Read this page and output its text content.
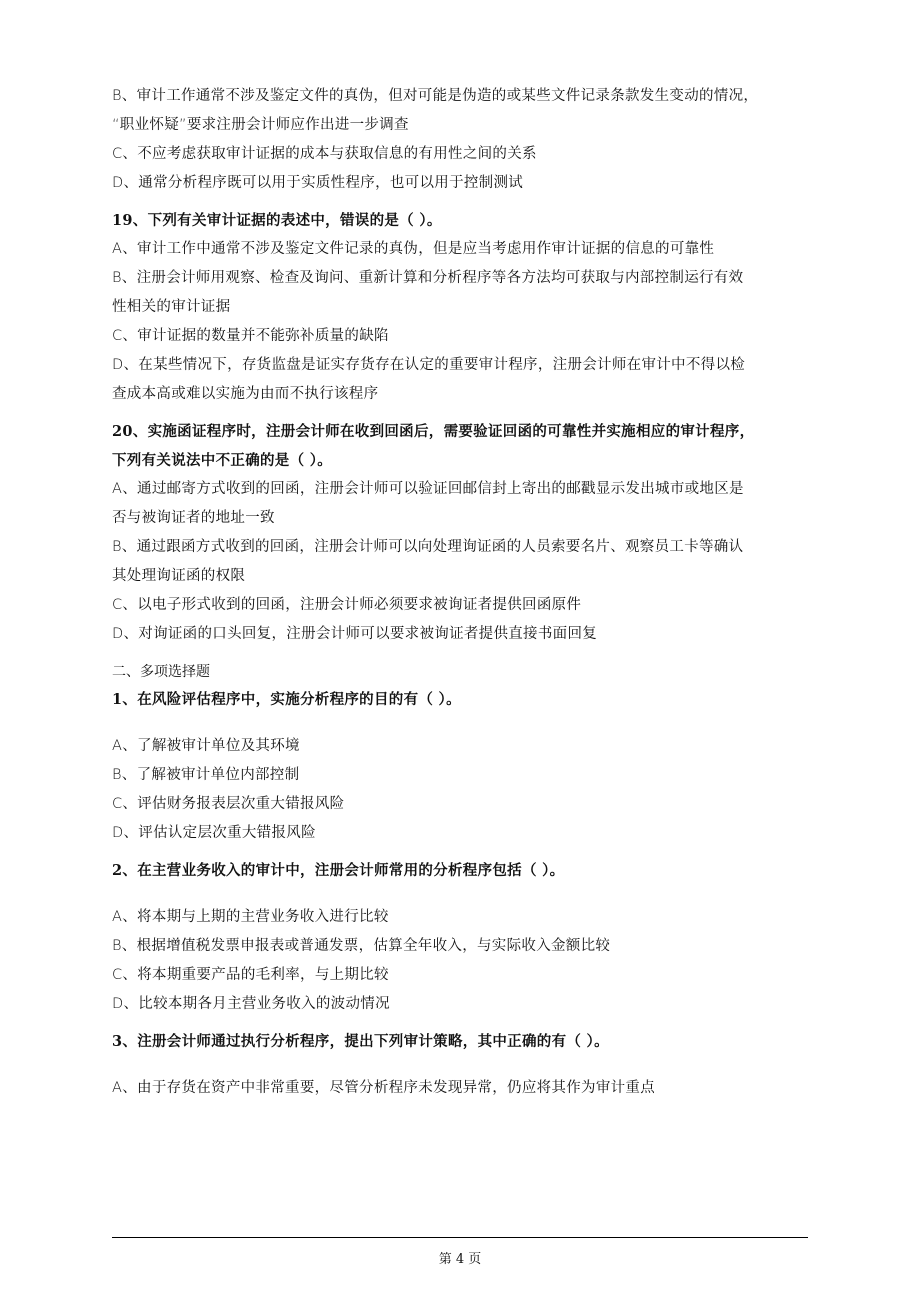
B、审计工作通常不涉及鉴定文件的真伪，但对可能是伪造的或某些文件记录条款发生变动的情况，
“职业怀疑”要求注册会计师应作出进一步调查
C、不应考虑获取审计证据的成本与获取信息的有用性之间的关系
D、通常分析程序既可以用于实质性程序，也可以用于控制测试
19、下列有关审计证据的表述中，错误的是（ ）。
A、审计工作中通常不涉及鉴定文件记录的真伪，但是应当考虑用作审计证据的信息的可靠性
B、注册会计师用观察、检查及询问、重新计算和分析程序等各方法均可获取与内部控制运行有效
性相关的审计证据
C、审计证据的数量并不能弥补质量的缺陷
D、在某些情况下，存货监盘是证实存货存在认定的重要审计程序，注册会计师在审计中不得以检
查成本高或难以实施为由而不执行该程序
20、实施函证程序时，注册会计师在收到回函后，需要验证回函的可靠性并实施相应的审计程序，
下列有关说法中不正确的是（ ）。
A、通过邮寄方式收到的回函，注册会计师可以验证回邮信封上寄出的邮戳显示发出城市或地区是
否与被询证者的地址一致
B、通过跟函方式收到的回函，注册会计师可以向处理询证函的人员索要名片、观察员工卡等确认
其处理询证函的权限
C、以电子形式收到的回函，注册会计师必须要求被询证者提供回函原件
D、对询证函的口头回复，注册会计师可以要求被询证者提供直接书面回复
二、多项选择题
1、在风险评估程序中，实施分析程序的目的有（ ）。
A、了解被审计单位及其环境
B、了解被审计单位内部控制
C、评估财务报表层次重大错报风险
D、评估认定层次重大错报风险
2、在主营业务收入的审计中，注册会计师常用的分析程序包括（ ）。
A、将本期与上期的主营业务收入进行比较
B、根据增值税发票申报表或普通发票，估算全年收入，与实际收入金额比较
C、将本期重要产品的毛利率，与上期比较
D、比较本期各月主营业务收入的波动情况
3、注册会计师通过执行分析程序，提出下列审计策略，其中正确的有（ ）。
A、由于存货在资产中非常重要，尽管分析程序未发现异常，仍应将其作为审计重点
第 4 页
